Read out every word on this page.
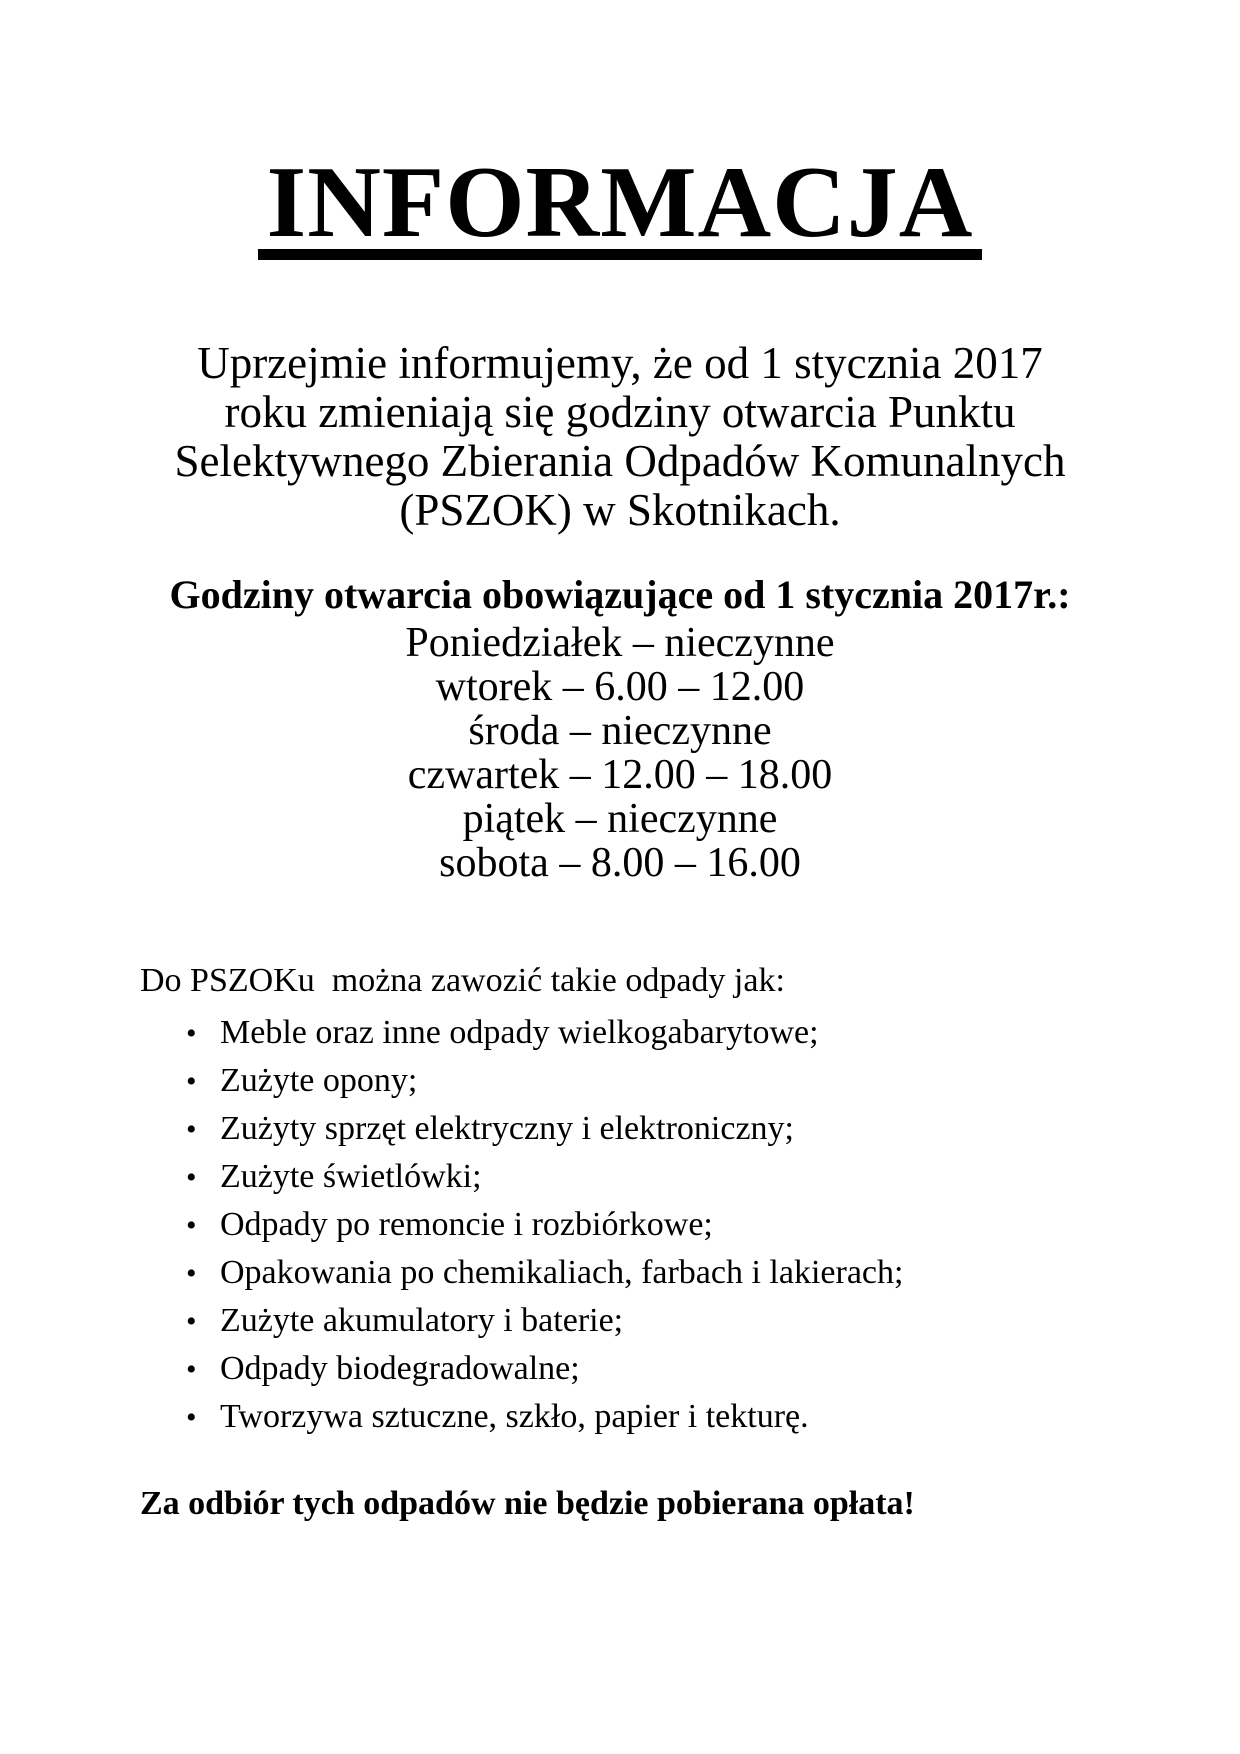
INFORMACJA
Uprzejmie informujemy, że od 1 stycznia 2017
roku zmieniają się godziny otwarcia Punktu
Selektywnego Zbierania Odpadów Komunalnych
(PSZOK) w Skotnikach.
Godziny otwarcia obowiązujące od 1 stycznia 2017r.:
Poniedziałek – nieczynne
wtorek – 6.00 – 12.00
środa – nieczynne
czwartek – 12.00 – 18.00
piątek – nieczynne
sobota – 8.00 – 16.00

Do PSZOKu  można zawozić takie odpady jak:

• Meble oraz inne odpady wielkogabarytowe;
• Zużyte opony;
• Zużyty sprzęt elektryczny i elektroniczny;
• Zużyte świetlówki;
• Odpady po remoncie i rozbiórkowe;
• Opakowania po chemikaliach, farbach i lakierach;
• Zużyte akumulatory i baterie;
• Odpady biodegradowalne;
• Tworzywa sztuczne, szkło, papier i tekturę.

Za odbiór tych odpadów nie będzie pobierana opłata!
